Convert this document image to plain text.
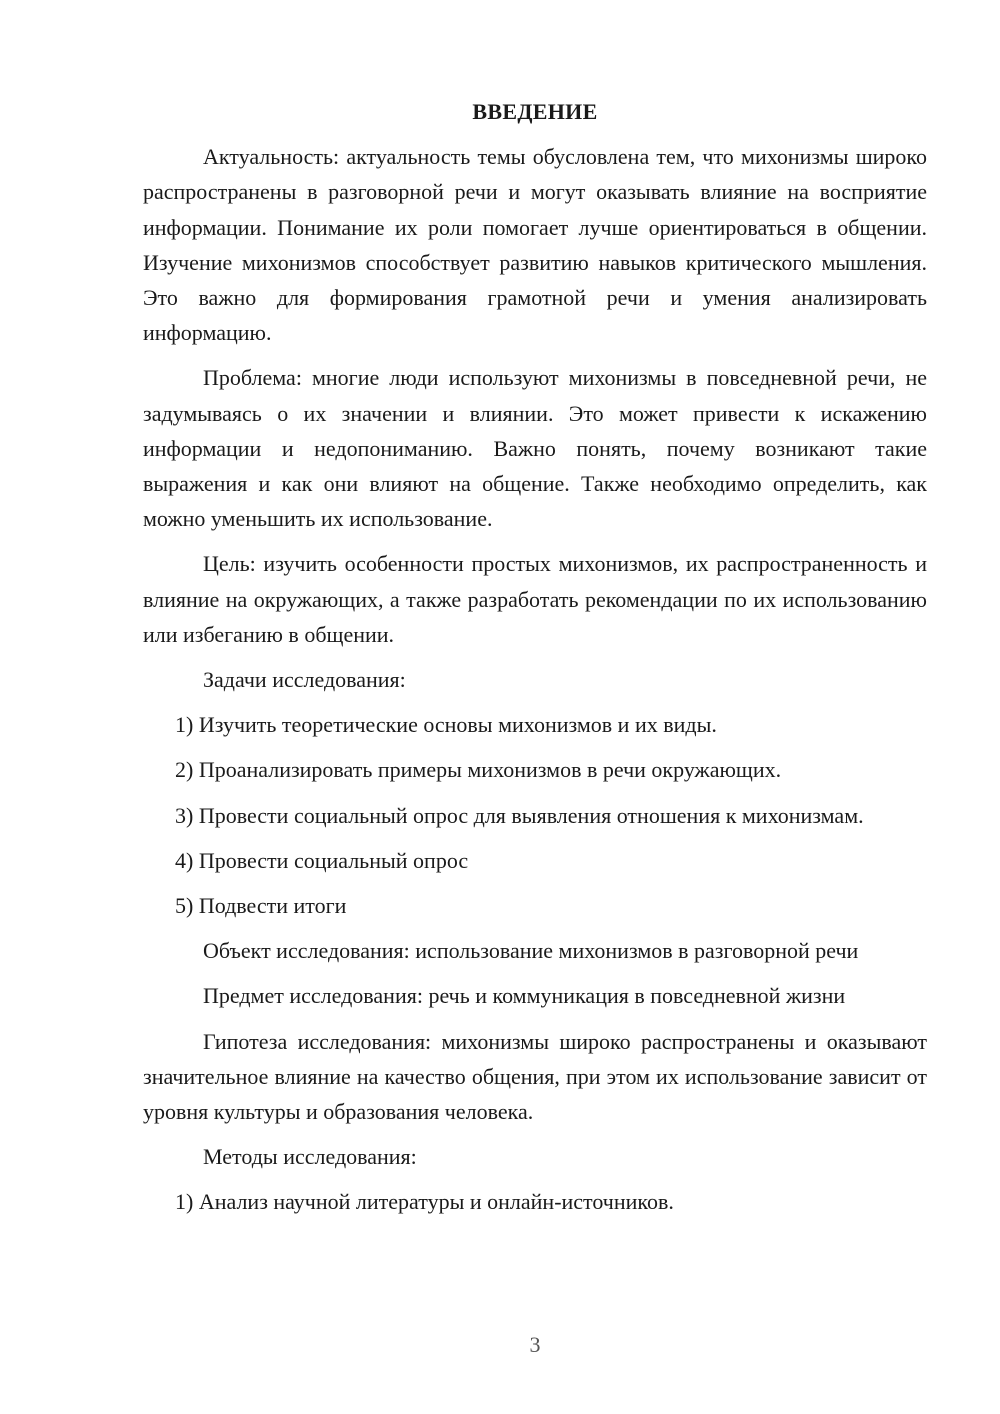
ВВЕДЕНИЕ

Актуальность: актуальность темы обусловлена тем, что михонизмы широко распространены в разговорной речи и могут оказывать влияние на восприятие информации. Понимание их роли помогает лучше ориентироваться в общении. Изучение михонизмов способствует развитию навыков критического мышления. Это важно для формирования грамотной речи и умения анализировать информацию.

Проблема: многие люди используют михонизмы в повседневной речи, не задумываясь о их значении и влиянии. Это может привести к искажению информации и недопониманию. Важно понять, почему возникают такие выражения и как они влияют на общение. Также необходимо определить, как можно уменьшить их использование.

Цель: изучить особенности простых михонизмов, их распространенность и влияние на окружающих, а также разработать рекомендации по их использованию или избеганию в общении.

Задачи исследования:

1) Изучить теоретические основы михонизмов и их виды.

2) Проанализировать примеры михонизмов в речи окружающих.

3) Провести социальный опрос для выявления отношения к михонизмам.

4) Провести социальный опрос

5) Подвести итоги

Объект исследования: использование михонизмов в разговорной речи

Предмет исследования: речь и коммуникация в повседневной жизни

Гипотеза исследования: михонизмы широко распространены и оказывают значительное влияние на качество общения, при этом их использование зависит от уровня культуры и образования человека.

Методы исследования:

1) Анализ научной литературы и онлайн-источников.

3
